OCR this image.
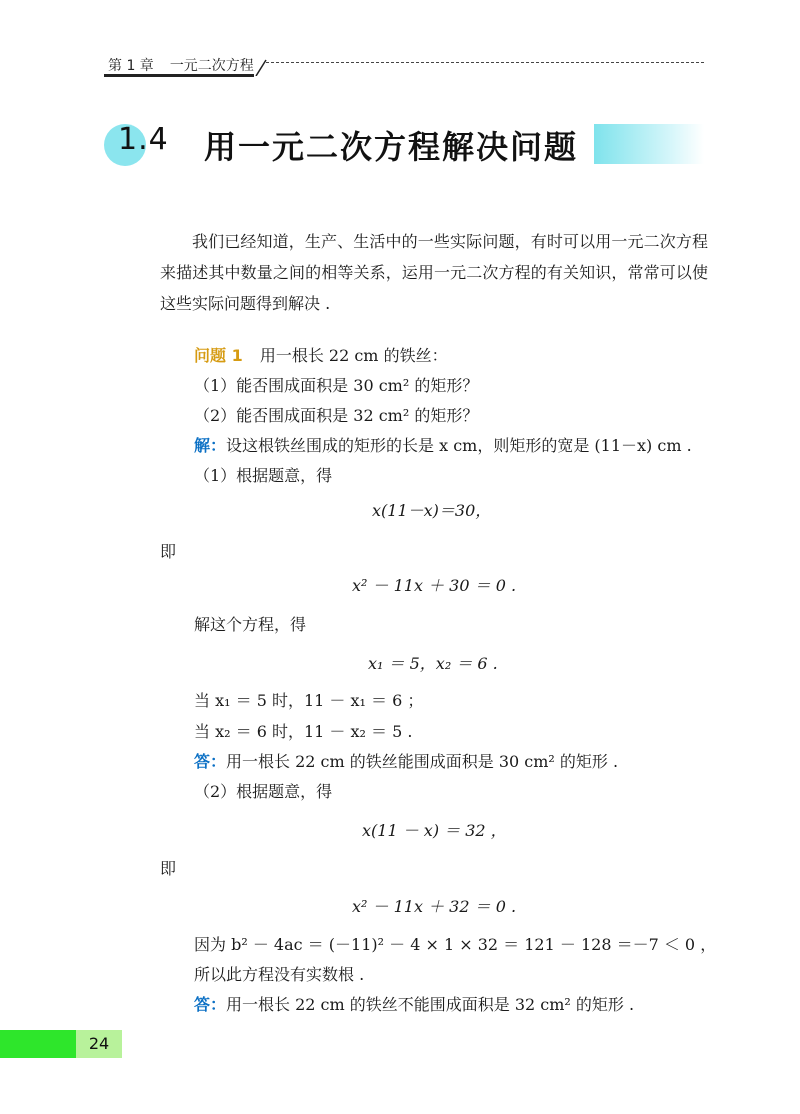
第 1 章 一元二次方程
1.4 用一元二次方程解决问题
我们已经知道，生产、生活中的一些实际问题，有时可以用一元二次方程来描述其中数量之间的相等关系，运用一元二次方程的有关知识，常常可以使这些实际问题得到解决 .
问题 1 用一根长 22 cm 的铁丝：
（1）能否围成面积是 30 cm² 的矩形？
（2）能否围成面积是 32 cm² 的矩形？
解：设这根铁丝围成的矩形的长是 x cm，则矩形的宽是 (11－x) cm .
（1）根据题意，得
x(11－x)＝30，
即
x² － 11x ＋ 30 ＝ 0 .
解这个方程，得
x₁ ＝ 5，x₂ ＝ 6 .
当 x₁ ＝ 5 时，11 － x₁ ＝ 6 ；
当 x₂ ＝ 6 时，11 － x₂ ＝ 5 .
答：用一根长 22 cm 的铁丝能围成面积是 30 cm² 的矩形 .
（2）根据题意，得
x(11 － x) ＝ 32 ，
即
x² － 11x ＋ 32 ＝ 0 .
因为 b² － 4ac ＝ (－11)² － 4 × 1 × 32 ＝ 121 － 128 ＝－7 ＜ 0 ，
所以此方程没有实数根 .
答：用一根长 22 cm 的铁丝不能围成面积是 32 cm² 的矩形 .
24
